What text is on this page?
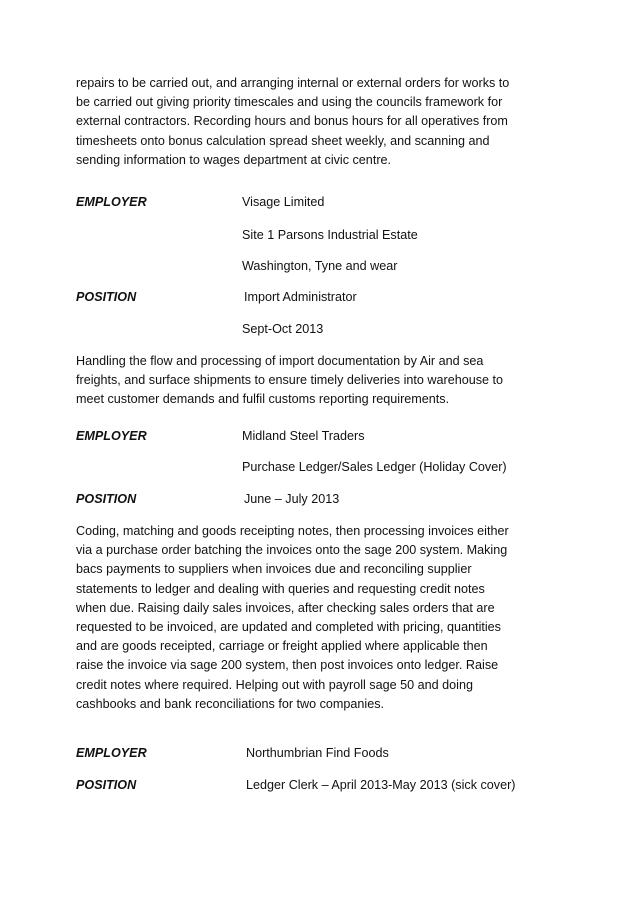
repairs to be carried out, and arranging internal or external orders for works to
be carried out giving priority timescales and using the councils framework for
external contractors. Recording hours and bonus hours for all operatives from
timesheets onto bonus calculation spread sheet weekly, and scanning and
sending information to wages department at civic centre.

EMPLOYER	Visage Limited
Site 1 Parsons Industrial Estate
Washington, Tyne and wear
POSITION	Import Administrator
Sept-Oct 2013

Handling the flow and processing of import documentation by Air and sea
freights, and surface shipments to ensure timely deliveries into warehouse to
meet customer demands and fulfil customs reporting requirements.

EMPLOYER	Midland Steel Traders
Purchase Ledger/Sales Ledger (Holiday Cover)
POSITION	June – July 2013

Coding, matching and goods receipting notes, then processing invoices either
via a purchase order batching the invoices onto the sage 200 system. Making
bacs payments to suppliers when invoices due and reconciling supplier
statements to ledger and dealing with queries and requesting credit notes
when due. Raising daily sales invoices, after checking sales orders that are
requested to be invoiced, are updated and completed with pricing, quantities
and are goods receipted, carriage or freight applied where applicable then
raise the invoice via sage 200 system, then post invoices onto ledger. Raise
credit notes where required. Helping out with payroll sage 50 and doing
cashbooks and bank reconciliations for two companies.

EMPLOYER	Northumbrian Find Foods
POSITION	Ledger Clerk – April 2013-May 2013 (sick cover)
